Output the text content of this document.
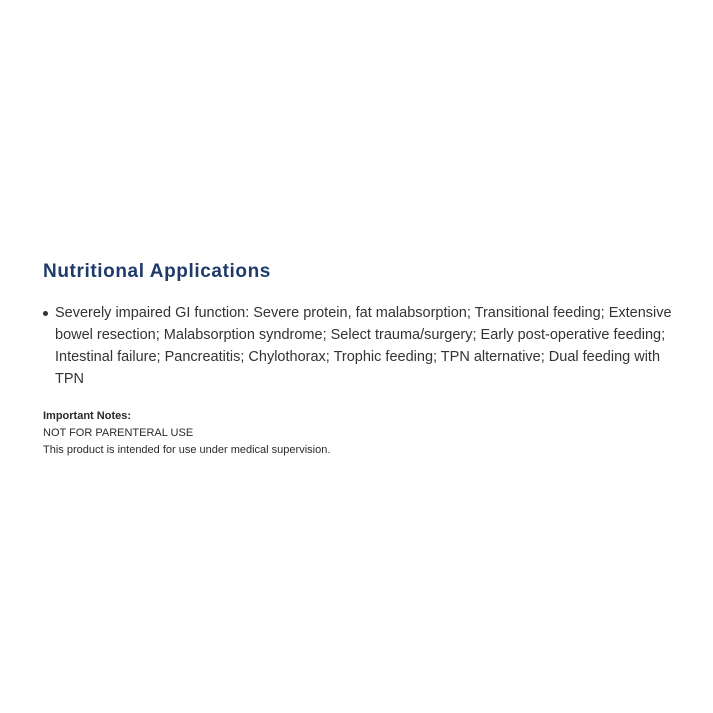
Nutritional Applications
Severely impaired GI function: Severe protein, fat malabsorption; Transitional feeding; Extensive bowel resection; Malabsorption syndrome; Select trauma/surgery; Early post-operative feeding; Intestinal failure; Pancreatitis; Chylothorax; Trophic feeding; TPN alternative; Dual feeding with TPN
Important Notes:
NOT FOR PARENTERAL USE
This product is intended for use under medical supervision.
